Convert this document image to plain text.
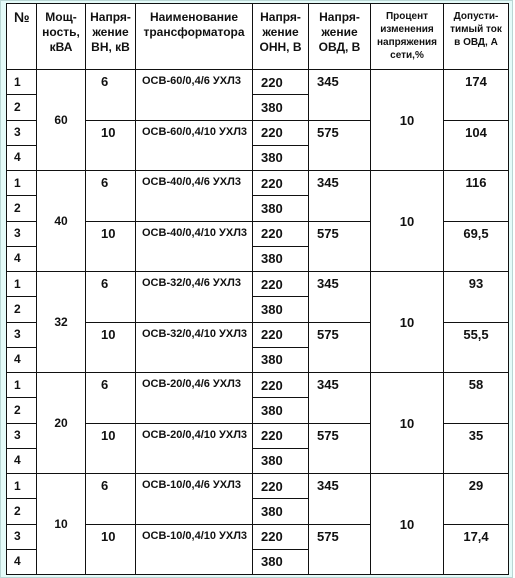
№	Мощ-ность, кВА	Напря-жение ВН, кВ	Наименование трансформатора	Напря-жение ОНН, В	Напря-жение ОВД, В	Процент изменения напряжения сети,%	Допусти-тимый ток в ОВД, А
1	60	6	ОСВ-60/0,4/6 УХЛ3	220	345	10	174
2				380			
3		10	ОСВ-60/0,4/10 УХЛ3	220	575		104
4				380			
1	40	6	ОСВ-40/0,4/6 УХЛ3	220	345	10	116
2				380			
3		10	ОСВ-40/0,4/10 УХЛ3	220	575		69,5
4				380			
1	32	6	ОСВ-32/0,4/6 УХЛ3	220	345	10	93
2				380			
3		10	ОСВ-32/0,4/10 УХЛ3	220	575		55,5
4				380			
1	20	6	ОСВ-20/0,4/6 УХЛ3	220	345	10	58
2				380			
3		10	ОСВ-20/0,4/10 УХЛ3	220	575		35
4				380			
1	10	6	ОСВ-10/0,4/6 УХЛ3	220	345	10	29
2				380			
3		10	ОСВ-10/0,4/10 УХЛ3	220	575		17,4
4				380			
